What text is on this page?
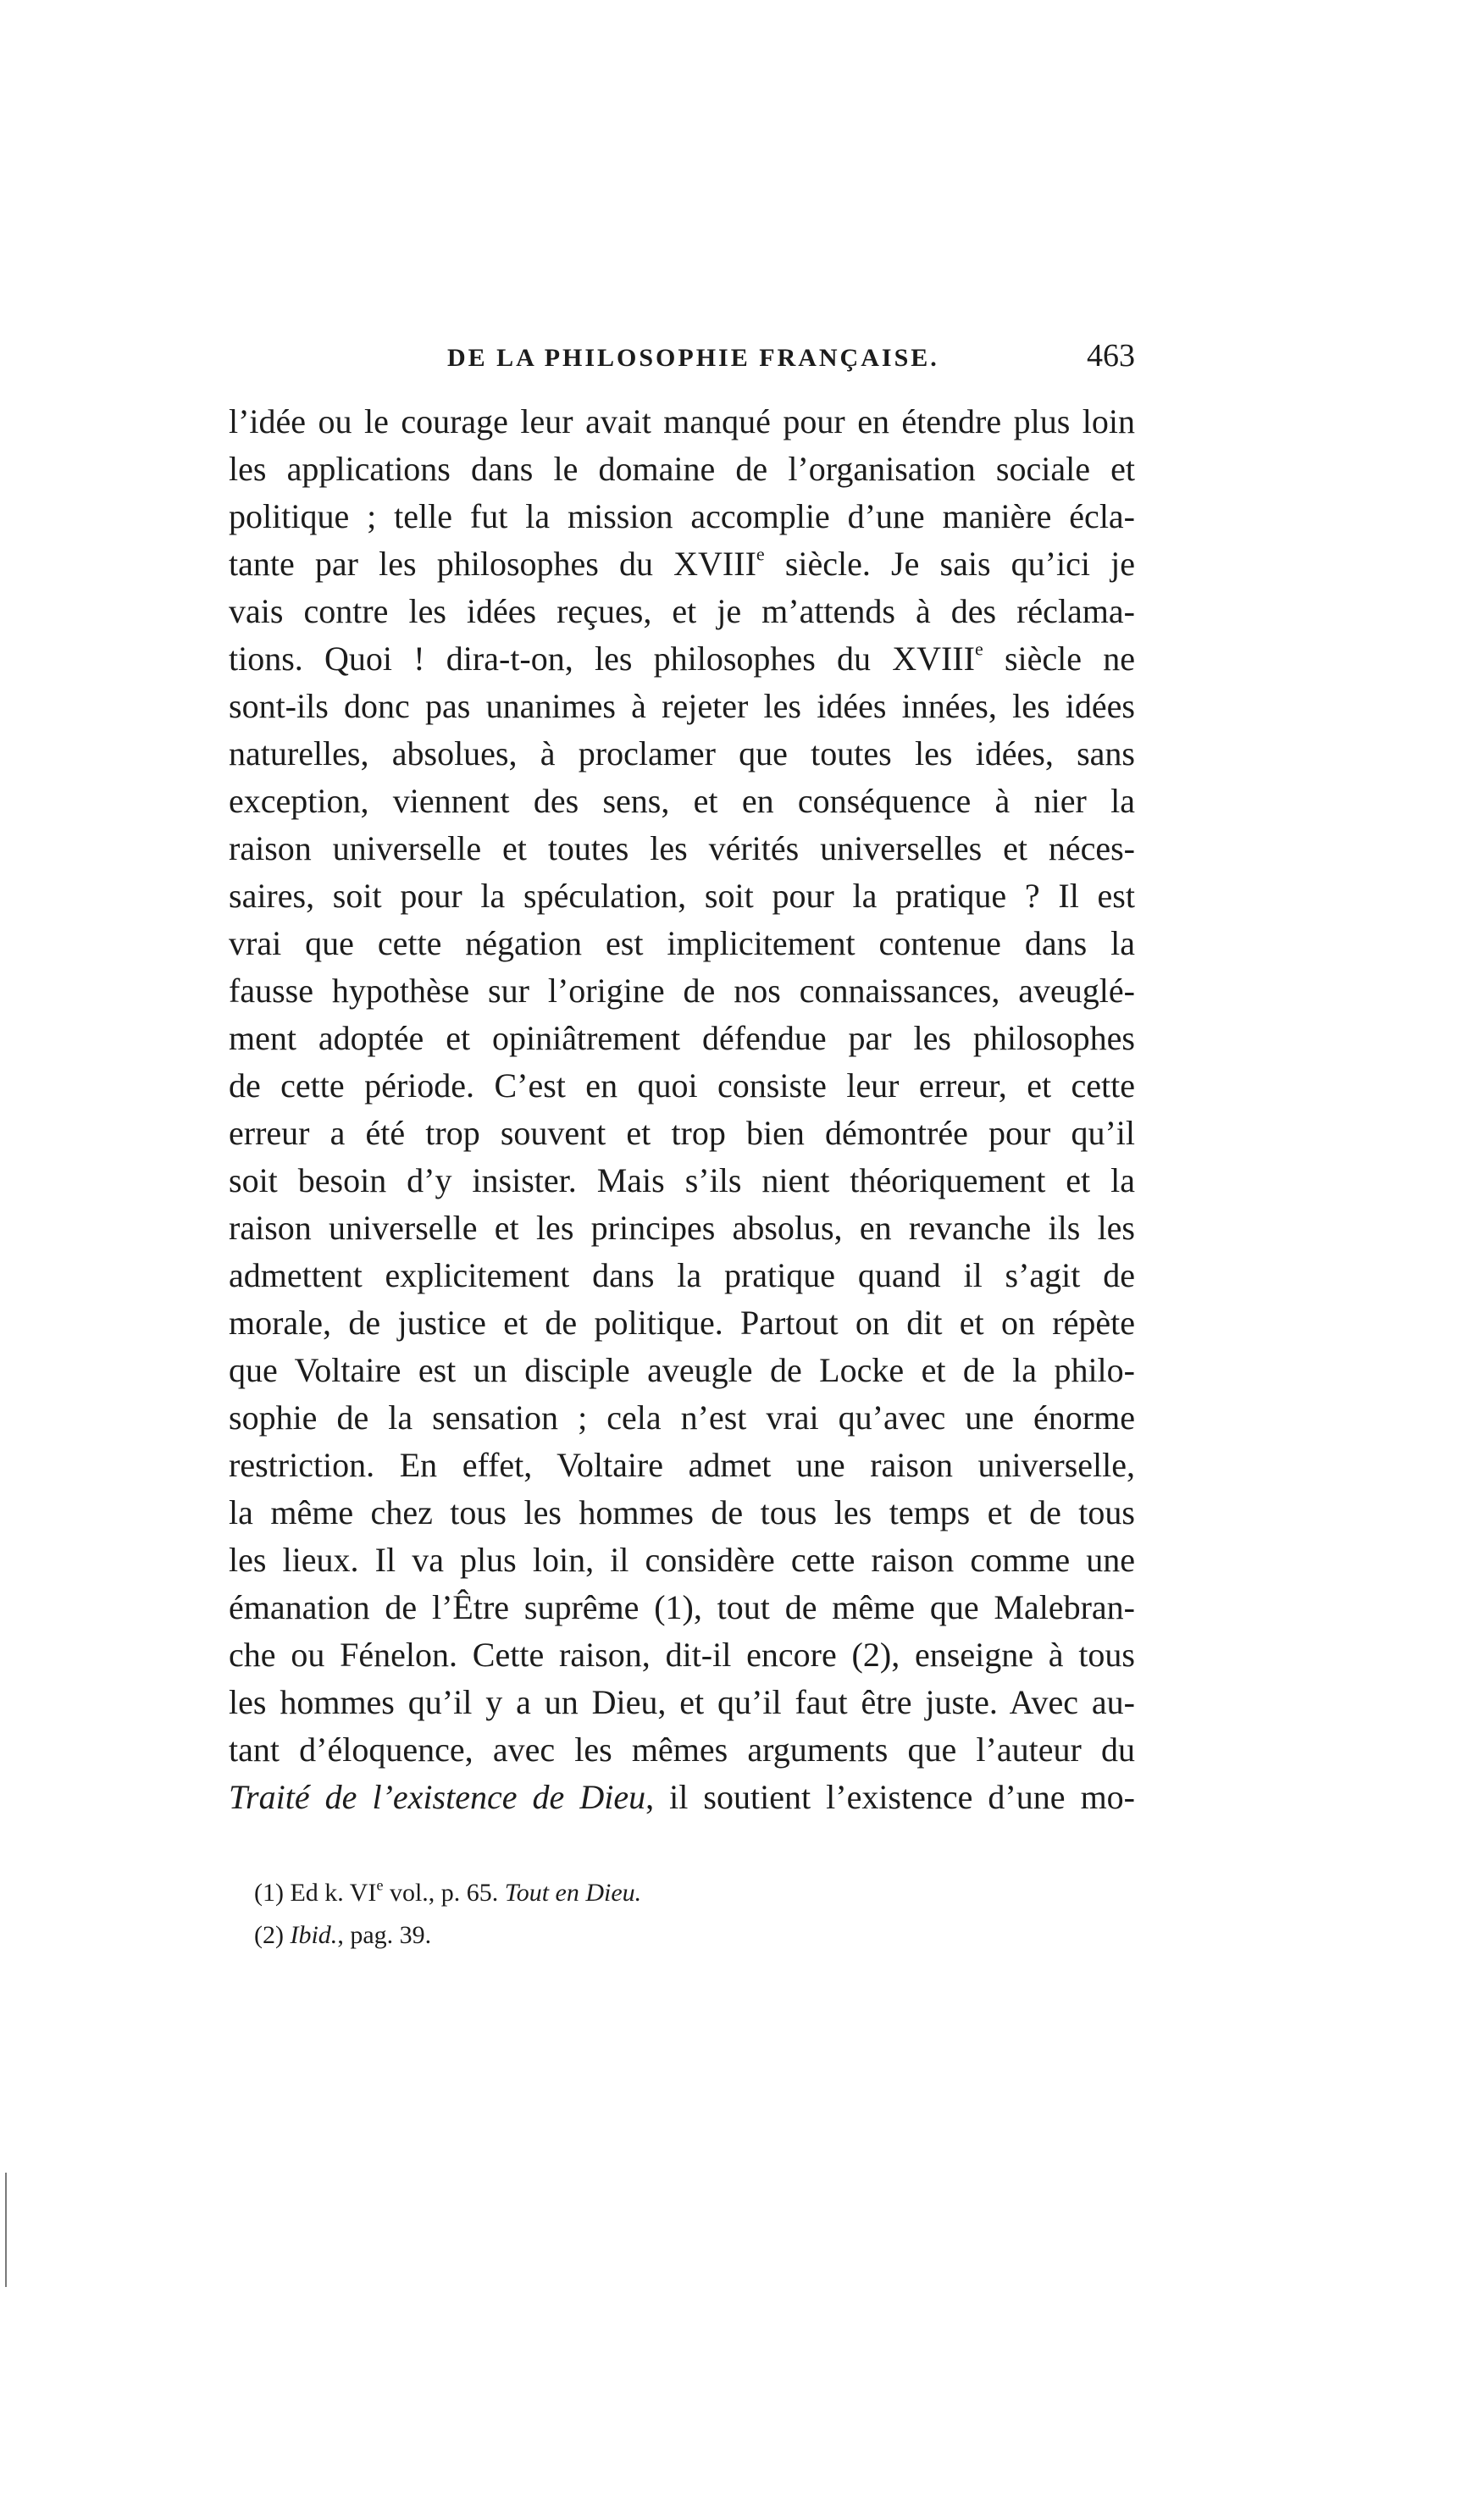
DE LA PHILOSOPHIE FRANÇAISE.	463
l’idée ou le courage leur avait manqué pour en étendre plus loin
les applications dans le domaine de l’organisation sociale et
politique ; telle fut la mission accomplie d’une manière écla-
tante par les philosophes du XVIIIe siècle. Je sais qu’ici je
vais contre les idées reçues, et je m’attends à des réclama-
tions. Quoi ! dira-t-on, les philosophes du XVIIIe siècle ne
sont-ils donc pas unanimes à rejeter les idées innées, les idées
naturelles, absolues, à proclamer que toutes les idées, sans
exception, viennent des sens, et en conséquence à nier la
raison universelle et toutes les vérités universelles et néces-
saires, soit pour la spéculation, soit pour la pratique ? Il est
vrai que cette négation est implicitement contenue dans la
fausse hypothèse sur l’origine de nos connaissances, aveuglé-
ment adoptée et opiniâtrement défendue par les philosophes
de cette période. C’est en quoi consiste leur erreur, et cette
erreur a été trop souvent et trop bien démontrée pour qu’il
soit besoin d’y insister. Mais s’ils nient théoriquement et la
raison universelle et les principes absolus, en revanche ils les
admettent explicitement dans la pratique quand il s’agit de
morale, de justice et de politique. Partout on dit et on répète
que Voltaire est un disciple aveugle de Locke et de la philo-
sophie de la sensation ; cela n’est vrai qu’avec une énorme
restriction. En effet, Voltaire admet une raison universelle,
la même chez tous les hommes de tous les temps et de tous
les lieux. Il va plus loin, il considère cette raison comme une
émanation de l’Être suprême (1), tout de même que Malebran-
che ou Fénelon. Cette raison, dit-il encore (2), enseigne à tous
les hommes qu’il y a un Dieu, et qu’il faut être juste. Avec au-
tant d’éloquence, avec les mêmes arguments que l’auteur du
Traité de l’existence de Dieu, il soutient l’existence d’une mo-
(1) Ed k. VIe vol., p. 65. Tout en Dieu.
(2) Ibid., pag. 39.
